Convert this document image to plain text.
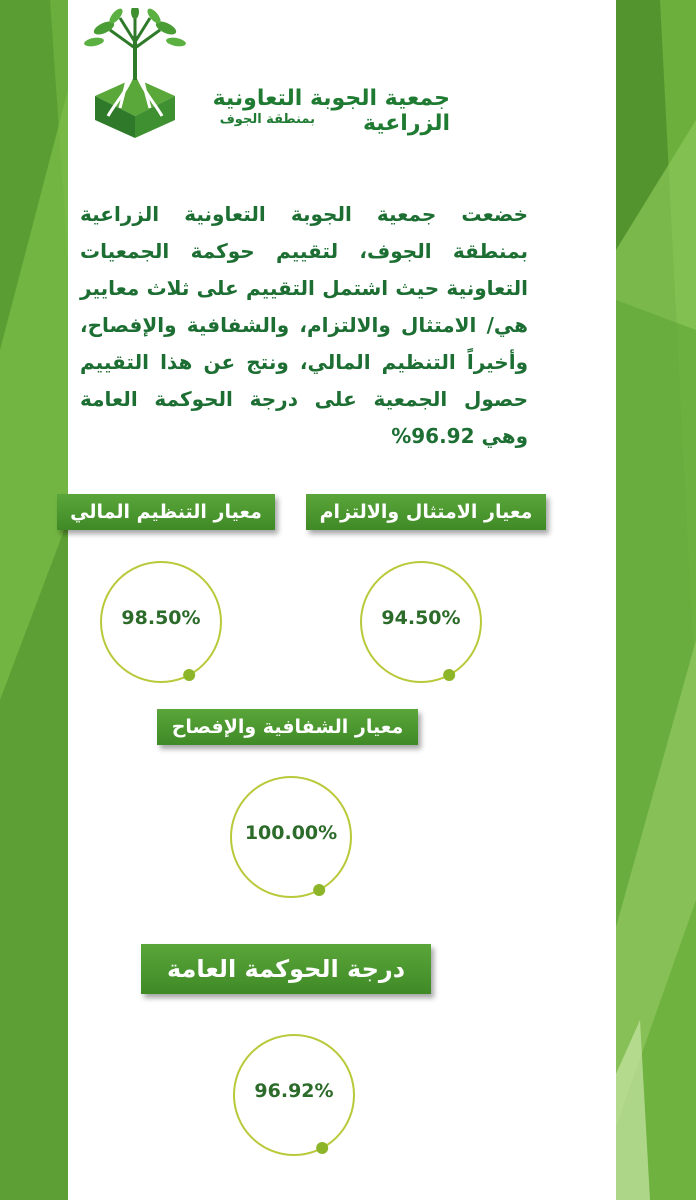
جمعية الجوبة التعاونية الزراعية
بمنطقة الجوف
خضعت جمعية الجوبة التعاونية الزراعية بمنطقة الجوف، لتقييم حوكمة الجمعيات التعاونية حيث اشتمل التقييم على ثلاث معايير هي/ الامتثال والالتزام، والشفافية والإفصاح، وأخيراً التنظيم المالي، ونتج عن هذا التقييم حصول الجمعية على درجة الحوكمة العامة وهي 96.92%
معيار الامتثال والالتزام
معيار التنظيم المالي
معيار الشفافية والإفصاح
درجة الحوكمة العامة
94.50%
98.50%
100.00%
96.92%
